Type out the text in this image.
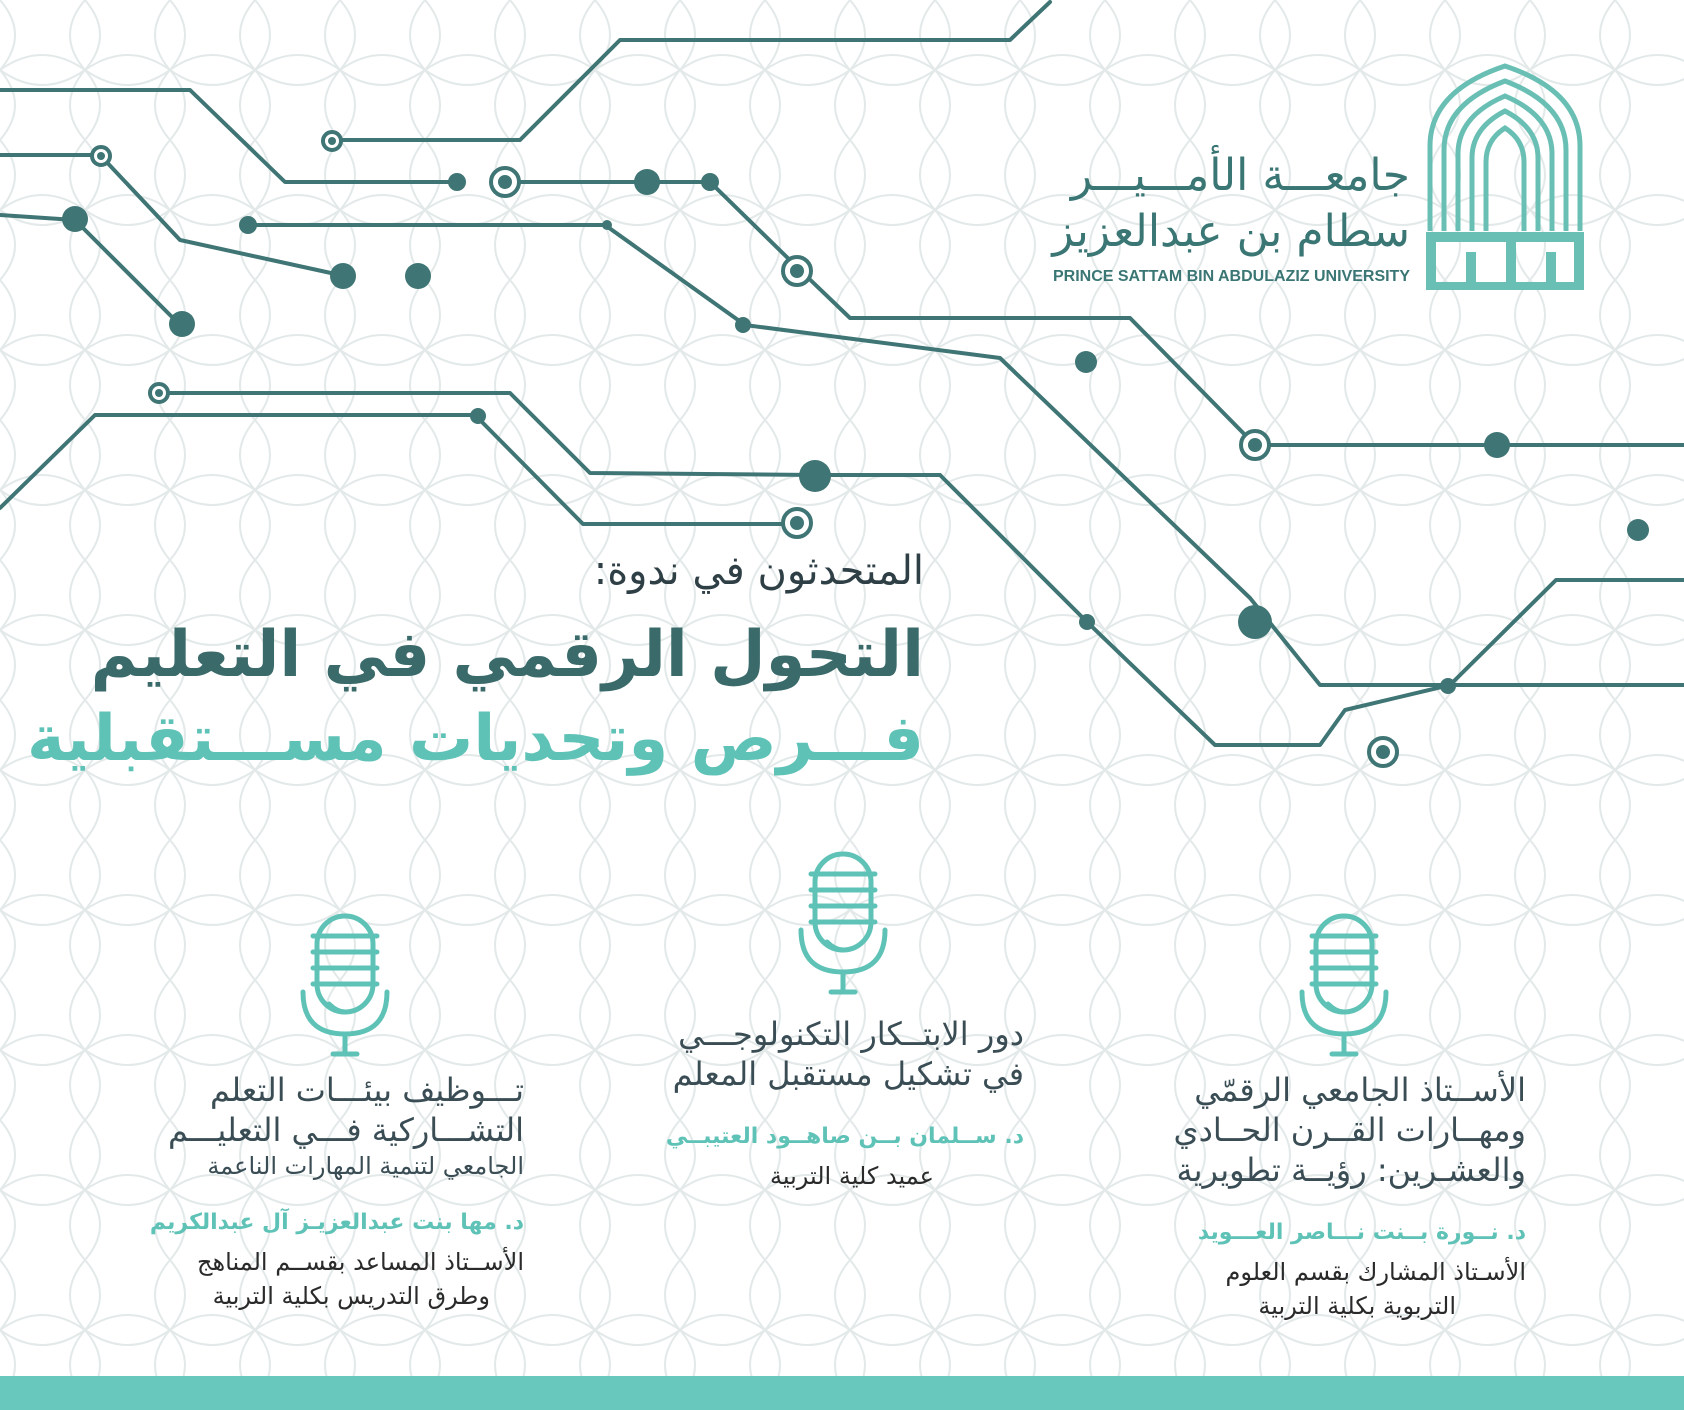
جامعـــة الأمـــيـــر
سطام بن عبدالعزيز
PRINCE SATTAM BIN ABDULAZIZ UNIVERSITY
المتحدثون في ندوة:
التحول الرقمي في التعليم
فـــرص وتحديات مســـتقبلية
الأســتاذ الجامعي الرقمّي
ومهــارات القــرن الحــادي
والعشـرين: رؤيــة تطويرية
د. نــورة بــنت نـــاصر العـــويد
الأسـتاذ المشارك بقسم العلوم
التربوية بكلية التربية
دور الابتــكار التكنولوجـــي
في تشكيل مستقبل المعلم
د. ســلمان بــن صاهــود العتيبــي
عميد كلية التربية
تـــوظيف بيئـــات التعلم
التشـــاركية فـــي التعليـــم
الجامعي لتنمية المهارات الناعمة
د. مها بنت عبدالعزيـز آل عبدالكريم
الأســتاذ المساعد بقســم المناهج
وطرق التدريس بكلية التربية
